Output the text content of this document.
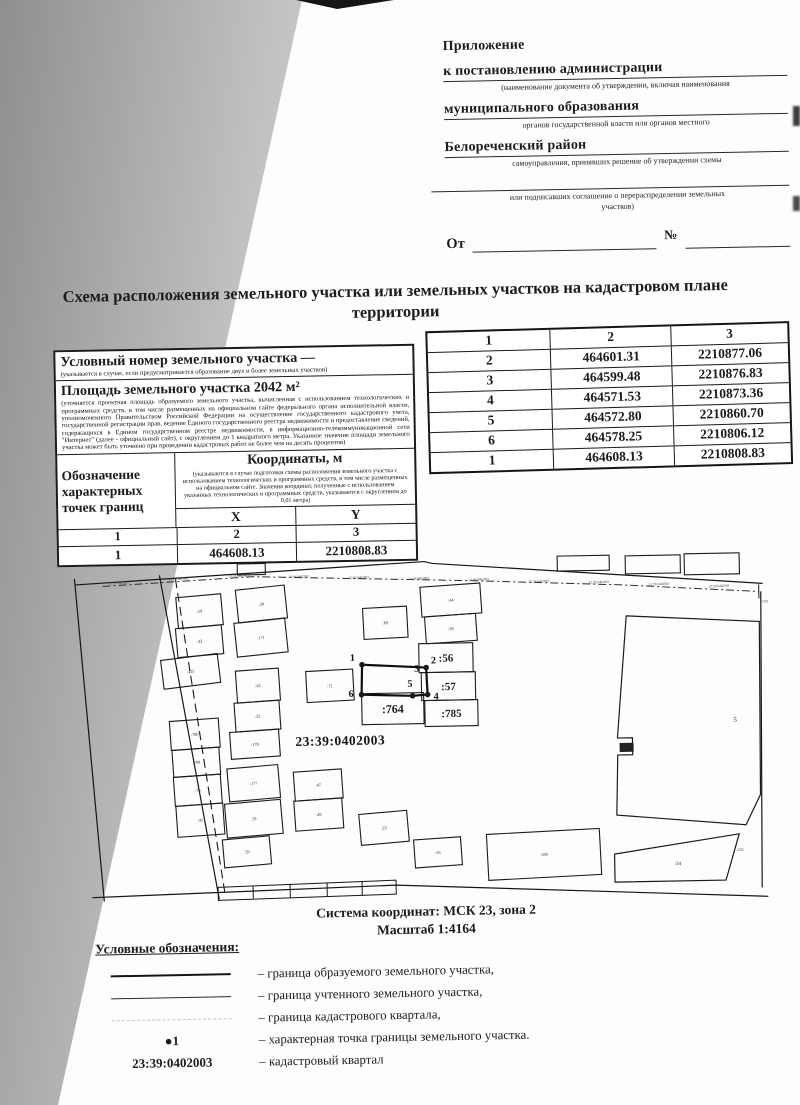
Приложение
к постановлению администрации
(наименование документа об утверждении, включая наименования
муниципального образования
органов государственной власти или органов местного
Белореченский район
самоуправления, принявших решение об утверждении схемы
или подписавших соглашение о перераспределении земельных
участков)
От
№
Схема расположения земельного участка или земельных участков на кадастровом плане территории
Условный номер земельного участка —
(указывается в случае, если предусматривается образование двух и более земельных участков)
Площадь земельного участка 2042 м²
(уточняется проектная площадь образуемого земельного участка, вычисленная с использованием технологических и программных средств, в том числе размещенных на официальном сайте федерального органа исполнительной власти, уполномоченного Правительством Российской Федерации на осуществление государственного кадастрового учета, государственной регистрации прав, ведение Единого государственного реестра недвижимости и предоставление сведений, содержащихся в Едином государственном реестре недвижимости, в информационно-телекоммуникационной сети "Интернет" (далее - официальный сайт), с округлением до 1 квадратного метра. Указанное значение площади земельного участка может быть уточнено при проведении кадастровых работ не более чем на десять процентов)
Обозначение характерных точек границ
Координаты, м
(указываются в случае подготовки схемы расположения земельного участка с использованием технологических и программных средств, в том числе размещенных на официальном сайте. Значения координат, полученные с использованием указанных технологических и программных средств, указываются с округлением до 0,01 метра)
X	Y
1	2	3
1	464608.13	2210808.83
1	2	3
2	464601.31	2210877.06
3	464599.48	2210876.83
4	464571.53	2210873.36
5	464572.80	2210860.70
6	464578.25	2210806.12
1	464608.13	2210808.83
:59
:43
:425
:760
:709
:76
:45
:28
:171
:42
:32
:178
:177
:33
:29
:71
:69
:47
:49
:23
:44
:26
:45	:330
:56
:57
:785
:764
5
:34
23:39:0402003
23:39:0402003
23:39:0402003	23:39:0402003	23:39:0402003	23:39:0402003	23:39:0402003	23:39:0402003	23:39:0402003	23:39:0402003	23:39:0402003
:332
1920
1	2
3
4
5
6
23:39:0402003
Система координат: МСК 23, зона 2
Масштаб 1:4164
Условные обозначения:
– граница образуемого земельного участка,
– граница учтенного земельного участка,
– граница кадастрового квартала,
●1	– характерная точка границы земельного участка.
23:39:0402003	– кадастровый квартал
